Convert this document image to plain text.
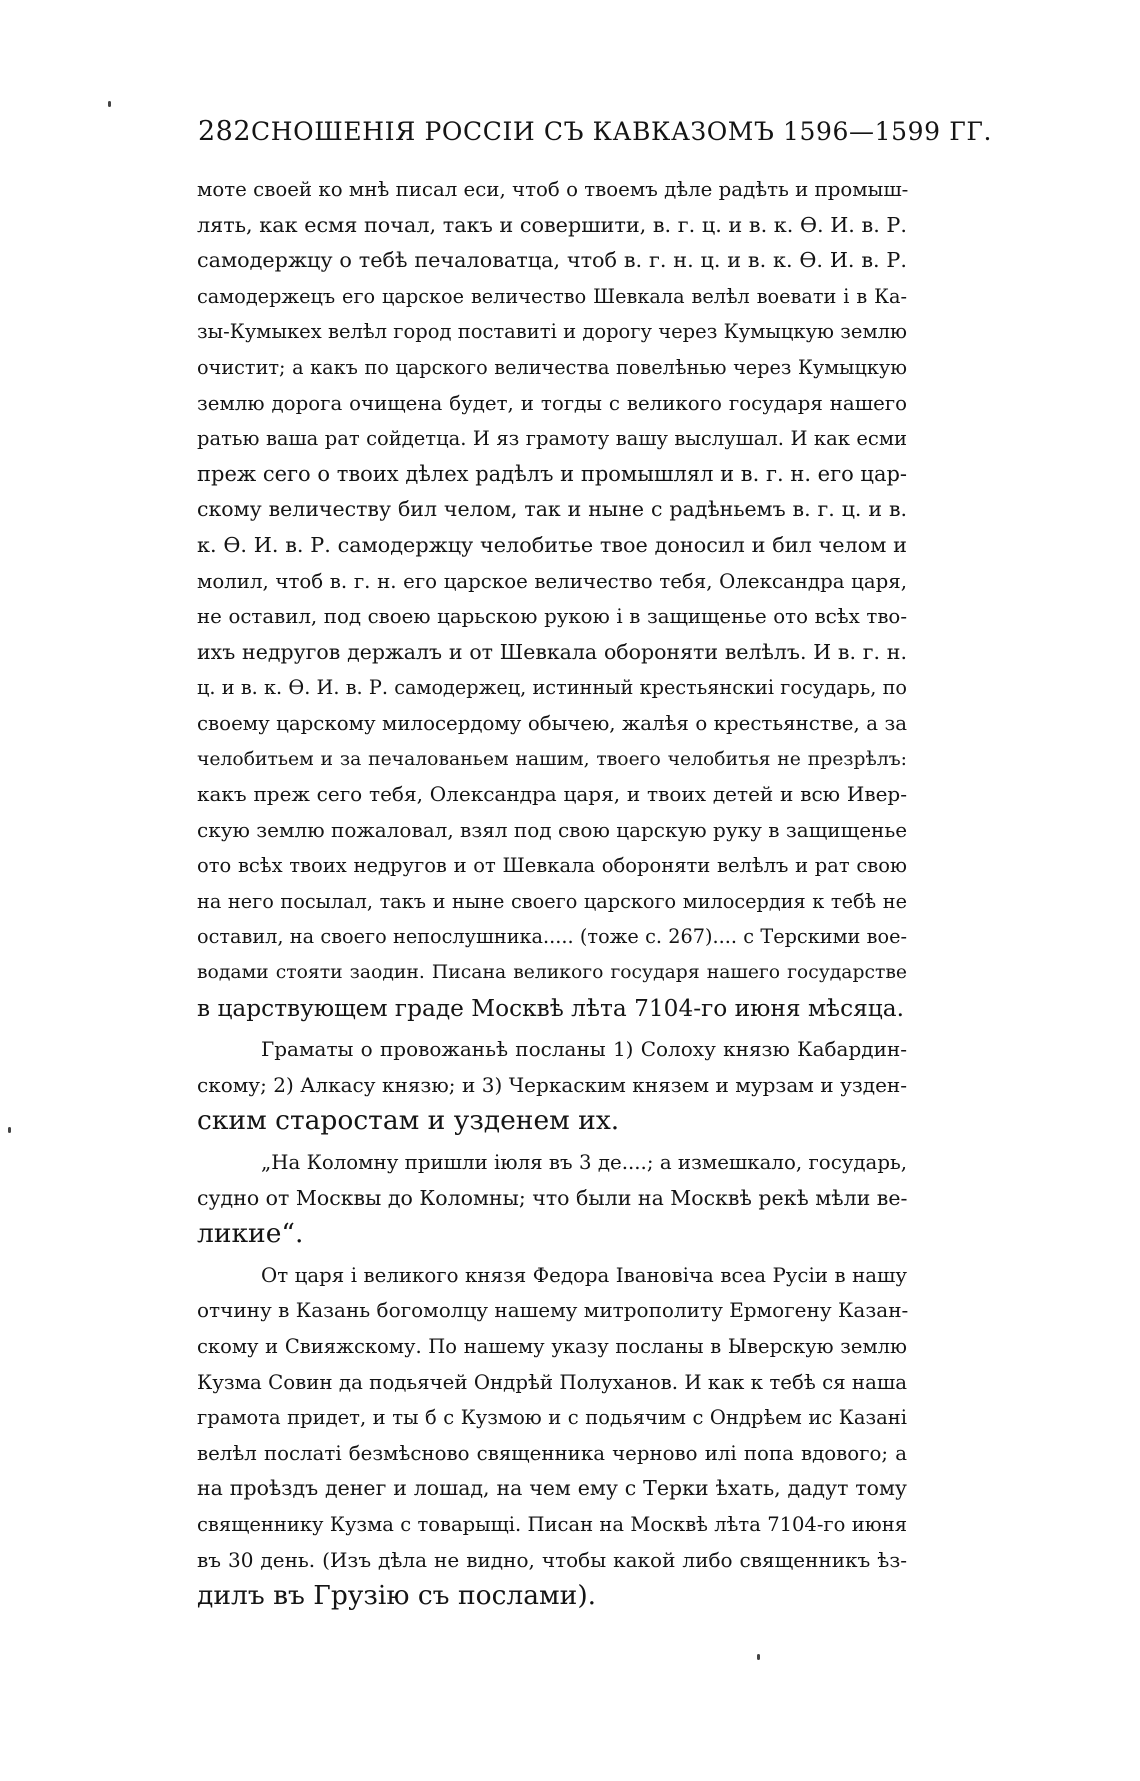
282 СНОШЕНІЯ РОССІИ СЪ КАВКАЗОМЪ 1596—1599 ГГ.
моте своей ко мнѣ писал еси, чтоб о твоемъ дѣле радѣть и промыш-
лять, как есмя почал, такъ и совершити, в. г. ц. и в. к. Ѳ. И. в. Р.
самодержцу о тебѣ печаловатца, чтоб в. г. н. ц. и в. к. Ѳ. И. в. Р.
самодержецъ его царское величество Шевкала велѣл воевати і в Ка-
зы-Кумыкех велѣл город поставиті и дорогу через Кумыцкую землю
очистит; а какъ по царского величества повелѣнью через Кумыцкую
землю дорога очищена будет, и тогды с великого государя нашего
ратью ваша рат сойдетца. И яз грамоту вашу выслушал. И как есми
преж сего о твоих дѣлех радѣлъ и промышлял и в. г. н. его цар-
скому величеству бил челом, так и ныне с радѣньемъ в. г. ц. и в.
к. Ѳ. И. в. Р. самодержцу челобитье твое доносил и бил челом и
молил, чтоб в. г. н. его царское величество тебя, Олександра царя,
не оставил, под своею царьскою рукою і в защищенье ото всѣх тво-
ихъ недругов держалъ и от Шевкала обороняти велѣлъ. И в. г. н.
ц. и в. к. Ѳ. И. в. Р. самодержец, истинный крестьянскиі государь, по
своему царскому милосердому обычею, жалѣя о крестьянстве, а за
челобитьем и за печалованьем нашим, твоего челобитья не презрѣлъ:
какъ преж сего тебя, Олександра царя, и твоих детей и всю Ивер-
скую землю пожаловал, взял под свою царскую руку в защищенье
ото всѣх твоих недругов и от Шевкала обороняти велѣлъ и рат свою
на него посылал, такъ и ныне своего царского милосердия к тебѣ не
оставил, на своего непослушника..... (тоже с. 267).... с Терскими вое-
водами стояти заодин. Писана великого государя нашего государстве
в царствующем граде Москвѣ лѣта 7104-го июня мѣсяца.
Граматы о провожаньѣ посланы 1) Солоху князю Кабардин-
скому; 2) Алкасу князю; и 3) Черкаским князем и мурзам и узден-
ским старостам и узденем их.
„На Коломну пришли іюля въ 3 де....; а измешкало, государь,
судно от Москвы до Коломны; что были на Москвѣ рекѣ мѣли ве-
ликие“.
От царя і великого князя Федора Івановіча всеа Русіи в нашу
отчину в Казань богомолцу нашему митрополиту Ермогену Казан-
скому и Свияжскому. По нашему указу посланы в Ыверскую землю
Кузма Совин да подьячей Ондрѣй Полуханов. И как к тебѣ ся наша
грамота придет, и ты б с Кузмою и с подьячим с Ондрѣем ис Казані
велѣл послаті безмѣсново священника черново илі попа вдового; а
на проѣздъ денег и лошад, на чем ему с Терки ѣхать, дадут тому
священнику Кузма с товарыщі. Писан на Москвѣ лѣта 7104-го июня
въ 30 день. (Изъ дѣла не видно, чтобы какой либо священникъ ѣз-
дилъ въ Грузію съ послами).
